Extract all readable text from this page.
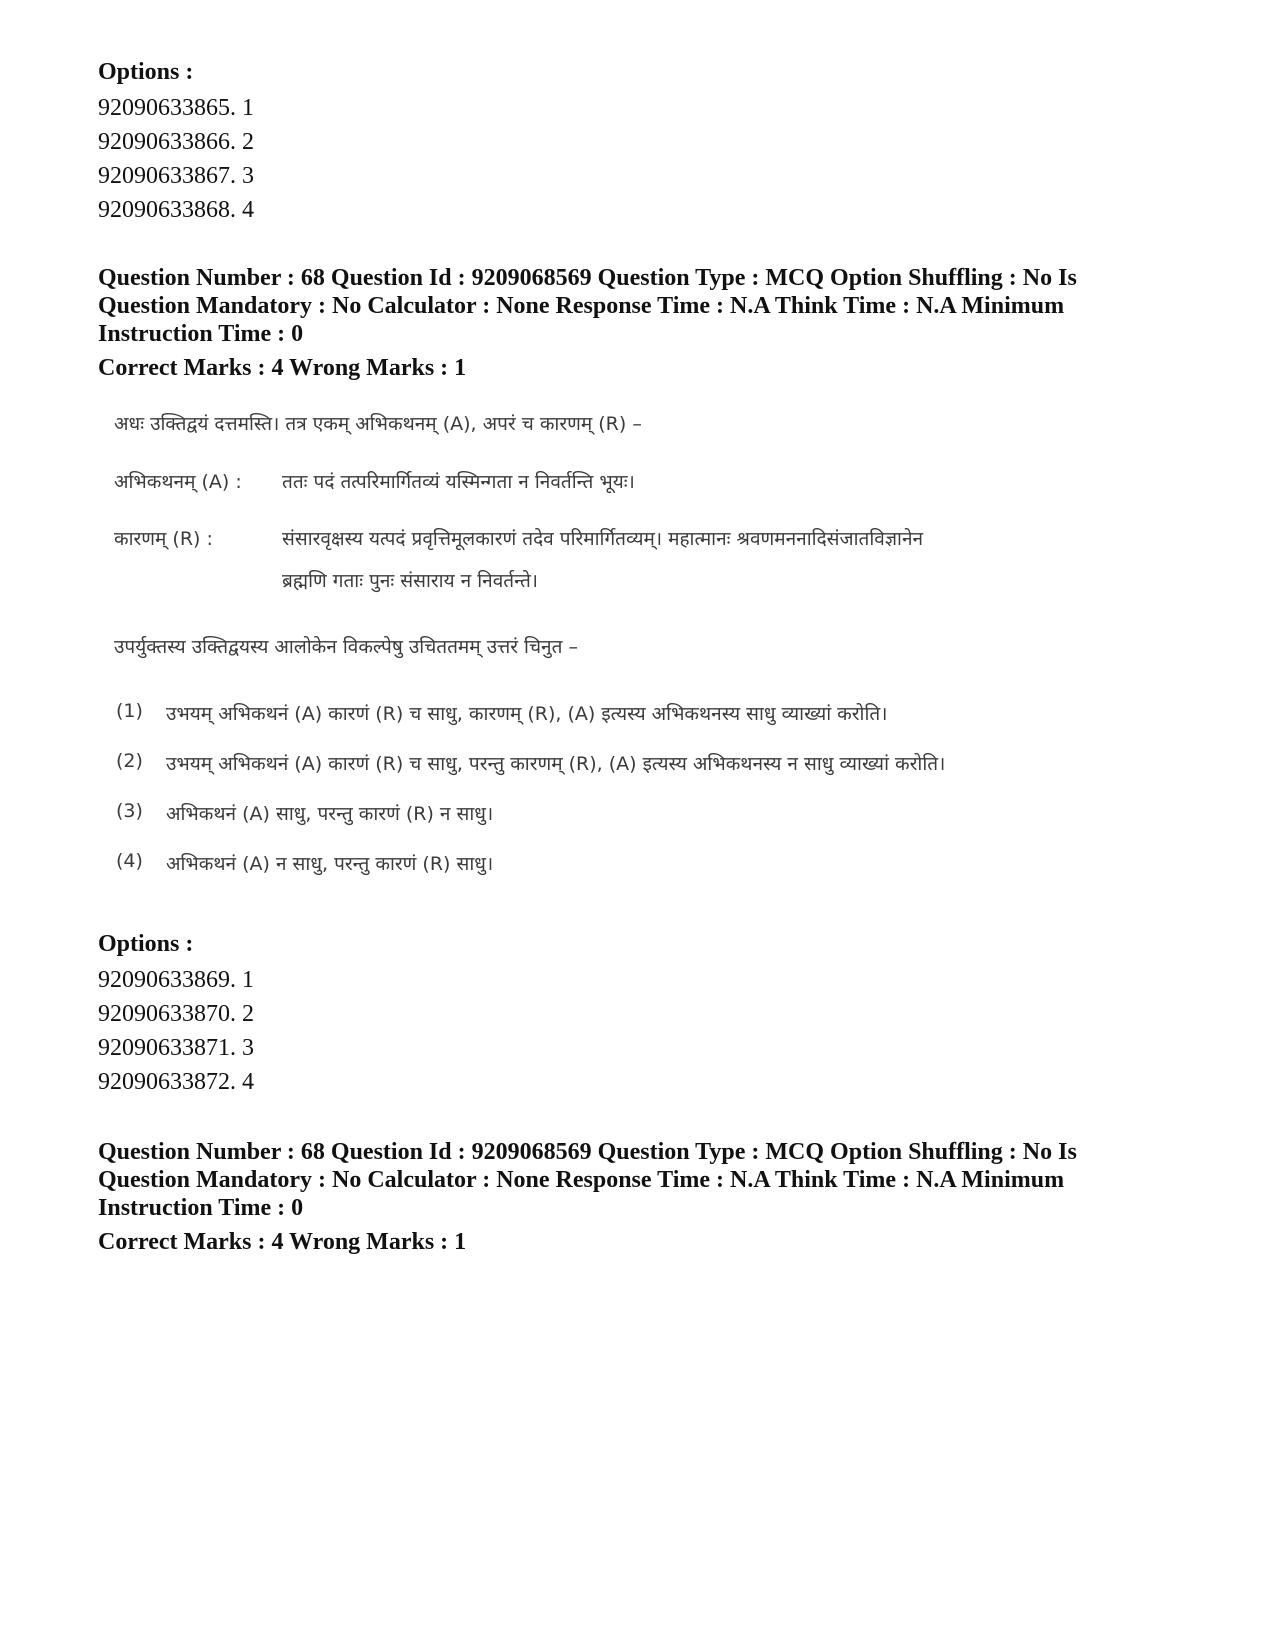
Options :
92090633865. 1
92090633866. 2
92090633867. 3
92090633868. 4
Question Number : 68 Question Id : 9209068569 Question Type : MCQ Option Shuffling : No Is
Question Mandatory : No Calculator : None Response Time : N.A Think Time : N.A Minimum
Instruction Time : 0
Correct Marks : 4 Wrong Marks : 1
अधः उक्तिद्वयं दत्तमस्ति। तत्र एकम् अभिकथनम् (A), अपरं च कारणम् (R) –
अभिकथनम् (A) : ततः पदं तत्परिमार्गितव्यं यस्मिन्गता न निवर्तन्ति भूयः।
कारणम् (R) :	संसारवृक्षस्य यत्पदं प्रवृत्तिमूलकारणं तदेव परिमार्गितव्यम्। महात्मानः श्रवणमननादिसंजातविज्ञानेन
ब्रह्मणि गताः पुनः संसाराय न निवर्तन्ते।
उपर्युक्तस्य उक्तिद्वयस्य आलोकेन विकल्पेषु उचिततमम् उत्तरं चिनुत –
(1) उभयम् अभिकथनं (A) कारणं (R) च साधु, कारणम् (R), (A) इत्यस्य अभिकथनस्य साधु व्याख्यां करोति।
(2) उभयम् अभिकथनं (A) कारणं (R) च साधु, परन्तु कारणम् (R), (A) इत्यस्य अभिकथनस्य न साधु व्याख्यां करोति।
(3) अभिकथनं (A) साधु, परन्तु कारणं (R) न साधु।
(4) अभिकथनं (A) न साधु, परन्तु कारणं (R) साधु।
Options :
92090633869. 1
92090633870. 2
92090633871. 3
92090633872. 4
Question Number : 68 Question Id : 9209068569 Question Type : MCQ Option Shuffling : No Is
Question Mandatory : No Calculator : None Response Time : N.A Think Time : N.A Minimum
Instruction Time : 0
Correct Marks : 4 Wrong Marks : 1
